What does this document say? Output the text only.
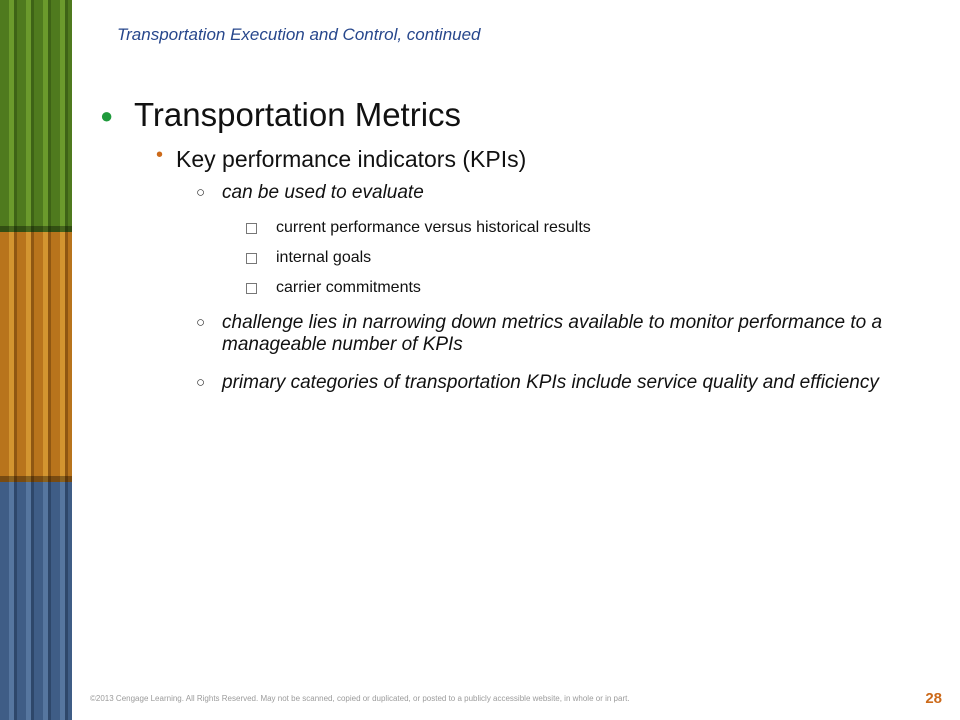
Transportation Execution and Control, continued
● Transportation Metrics
• Key performance indicators (KPIs)
○ can be used to evaluate
current performance versus historical results
internal goals
carrier commitments
○ challenge lies in narrowing down metrics available to monitor performance to a manageable number of KPIs
○ primary categories of transportation KPIs include service quality and efficiency
©2013 Cengage Learning. All Rights Reserved. May not be scanned, copied or duplicated, or posted to a publicly accessible website, in whole or in part.	28
